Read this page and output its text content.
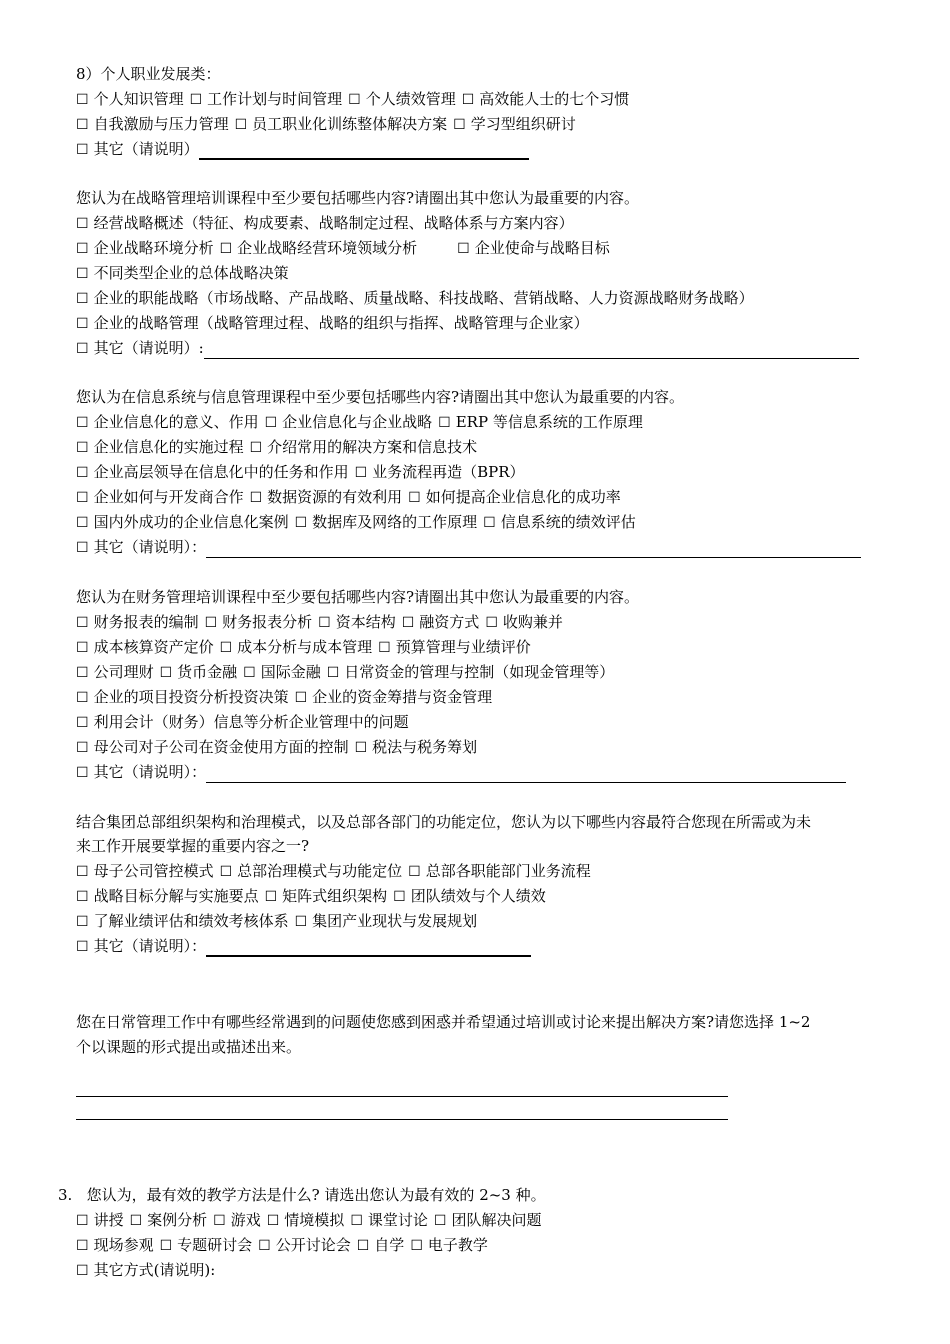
8）个人职业发展类：
☐ 个人知识管理 ☐ 工作计划与时间管理 ☐ 个人绩效管理 ☐ 高效能人士的七个习惯
☐ 自我激励与压力管理 ☐ 员工职业化训练整体解决方案 ☐ 学习型组织研讨
☐ 其它（请说明）
您认为在战略管理培训课程中至少要包括哪些内容?请圈出其中您认为最重要的内容。
☐ 经营战略概述（特征、构成要素、战略制定过程、战略体系与方案内容）
☐ 企业战略环境分析 ☐ 企业战略经营环境领域分析	☐ 企业使命与战略目标
☐ 不同类型企业的总体战略决策
☐ 企业的职能战略（市场战略、产品战略、质量战略、科技战略、营销战略、人力资源战略财务战略）
☐ 企业的战略管理（战略管理过程、战略的组织与指挥、战略管理与企业家）
☐ 其它（请说明）:
您认为在信息系统与信息管理课程中至少要包括哪些内容?请圈出其中您认为最重要的内容。
☐ 企业信息化的意义、作用 ☐ 企业信息化与企业战略 ☐ ERP 等信息系统的工作原理
☐ 企业信息化的实施过程 ☐ 介绍常用的解决方案和信息技术
☐ 企业高层领导在信息化中的任务和作用 ☐ 业务流程再造（BPR）
☐ 企业如何与开发商合作 ☐ 数据资源的有效利用 ☐ 如何提高企业信息化的成功率
☐ 国内外成功的企业信息化案例 ☐ 数据库及网络的工作原理 ☐ 信息系统的绩效评估
☐ 其它（请说明）：
您认为在财务管理培训课程中至少要包括哪些内容?请圈出其中您认为最重要的内容。
☐ 财务报表的编制 ☐ 财务报表分析 ☐ 资本结构 ☐ 融资方式 ☐ 收购兼并
☐ 成本核算资产定价 ☐ 成本分析与成本管理 ☐ 预算管理与业绩评价
☐ 公司理财 ☐ 货币金融 ☐ 国际金融 ☐ 日常资金的管理与控制（如现金管理等）
☐ 企业的项目投资分析投资决策 ☐ 企业的资金筹措与资金管理
☐ 利用会计（财务）信息等分析企业管理中的问题
☐ 母公司对子公司在资金使用方面的控制 ☐ 税法与税务筹划
☐ 其它（请说明）：
结合集团总部组织架构和治理模式，以及总部各部门的功能定位，您认为以下哪些内容最符合您现在所需或为未
来工作开展要掌握的重要内容之一?
☐ 母子公司管控模式 ☐ 总部治理模式与功能定位 ☐ 总部各职能部门业务流程
☐ 战略目标分解与实施要点 ☐ 矩阵式组织架构 ☐ 团队绩效与个人绩效
☐ 了解业绩评估和绩效考核体系 ☐ 集团产业现状与发展规划
☐ 其它（请说明）：
您在日常管理工作中有哪些经常遇到的问题使您感到困惑并希望通过培训或讨论来提出解决方案?请您选择 1~2
个以课题的形式提出或描述出来。
3.   您认为，最有效的教学方法是什么? 请选出您认为最有效的 2~3 种。
☐ 讲授 ☐ 案例分析 ☐ 游戏 ☐ 情境模拟 ☐ 课堂讨论 ☐ 团队解决问题
☐ 现场参观 ☐ 专题研讨会 ☐ 公开讨论会 ☐ 自学 ☐ 电子教学
☐ 其它方式(请说明):
